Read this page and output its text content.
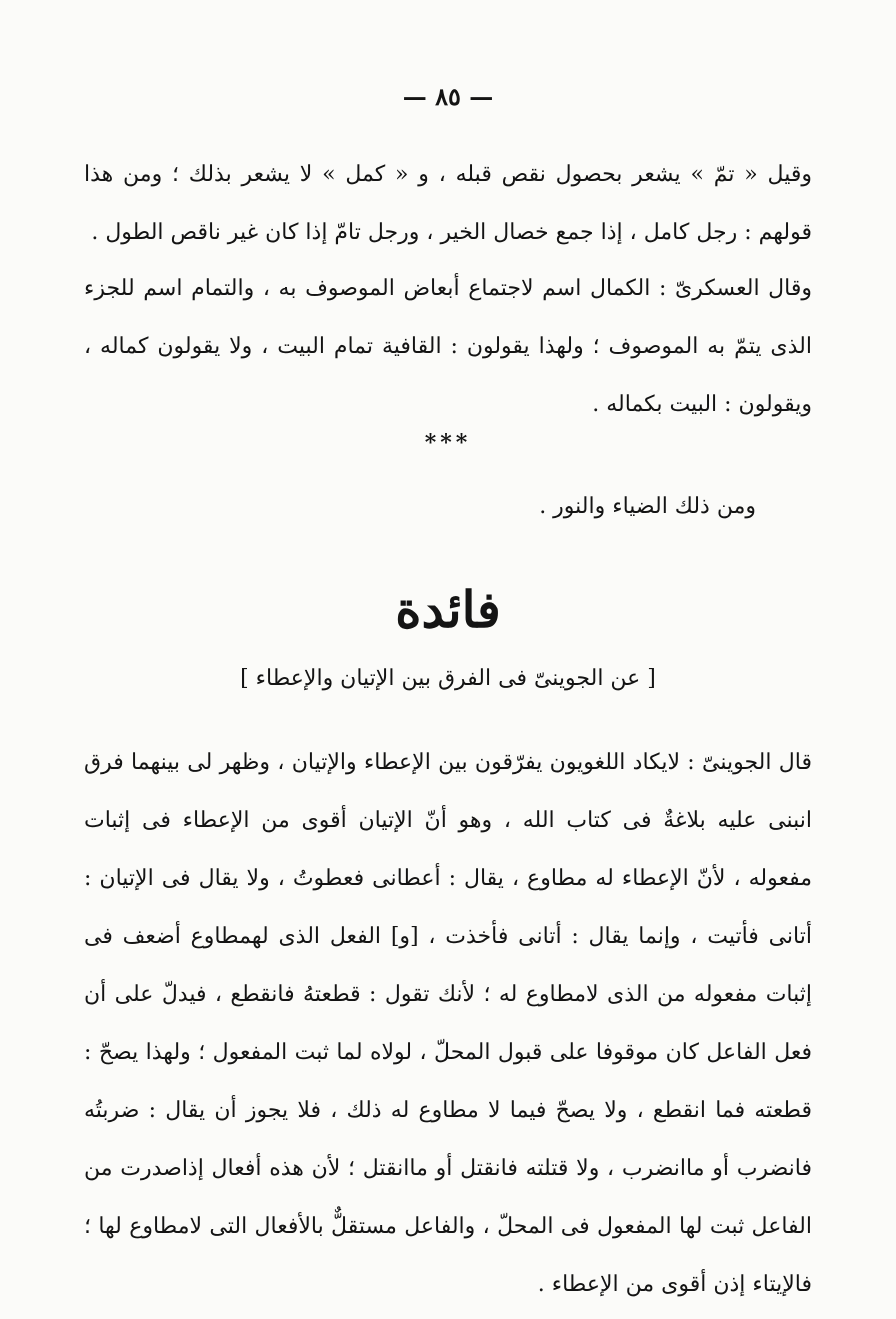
— ٨٥ —

وقيل « تمّ » يشعر بحصول نقص قبله ، و « كمل » لا يشعر بذلك ؛ ومن هذا قولهم : رجل كامل ، إذا جمع خصال الخير ، ورجل تامّ إذا كان غير ناقص الطول .

وقال العسكرىّ : الكمال اسم لاجتماع أبعاض الموصوف به ، والتمام اسم للجزء الذى يتمّ به الموصوف ؛ ولهذا يقولون : القافية تمام البيت ، ولا يقولون كماله ، ويقولون : البيت بكماله .

***

ومن ذلك الضياء والنور .

فائدة
[ عن الجوينىّ فى الفرق بين الإتيان والإعطاء ]

قال الجوينىّ : لايكاد اللغويون يفرّقون بين الإعطاء والإتيان ، وظهر لى بينهما فرق انبنى عليه بلاغةٌ فى كتاب الله ، وهو أنّ الإتيان أقوى من الإعطاء فى إثبات مفعوله ، لأنّ الإعطاء له مطاوع ، يقال : أعطانى فعطوتُ ، ولا يقال فى الإتيان : أتانى فأتيت ، وإنما يقال : أتانى فأخذت ، [و] الفعل الذى لهمطاوع أضعف فى إثبات مفعوله من الذى لامطاوع له ؛ لأنك تقول : قطعتهُ فانقطع ، فيدلّ على أن فعل الفاعل كان موقوفا على قبول المحلّ ، لولاه لما ثبت المفعول ؛ ولهذا يصحّ : قطعته فما انقطع ، ولا يصحّ فيما لا مطاوع له ذلك ، فلا يجوز أن يقال : ضربتُه فانضرب أو ماانضرب ، ولا قتلته فانقتل أو ماانقتل ؛ لأن هذه أفعال إذاصدرت من الفاعل ثبت لها المفعول فى المحلّ ، والفاعل مستقلٌّ بالأفعال التى لامطاوع لها ؛ فالإيتاء إذن أقوى من الإعطاء .
